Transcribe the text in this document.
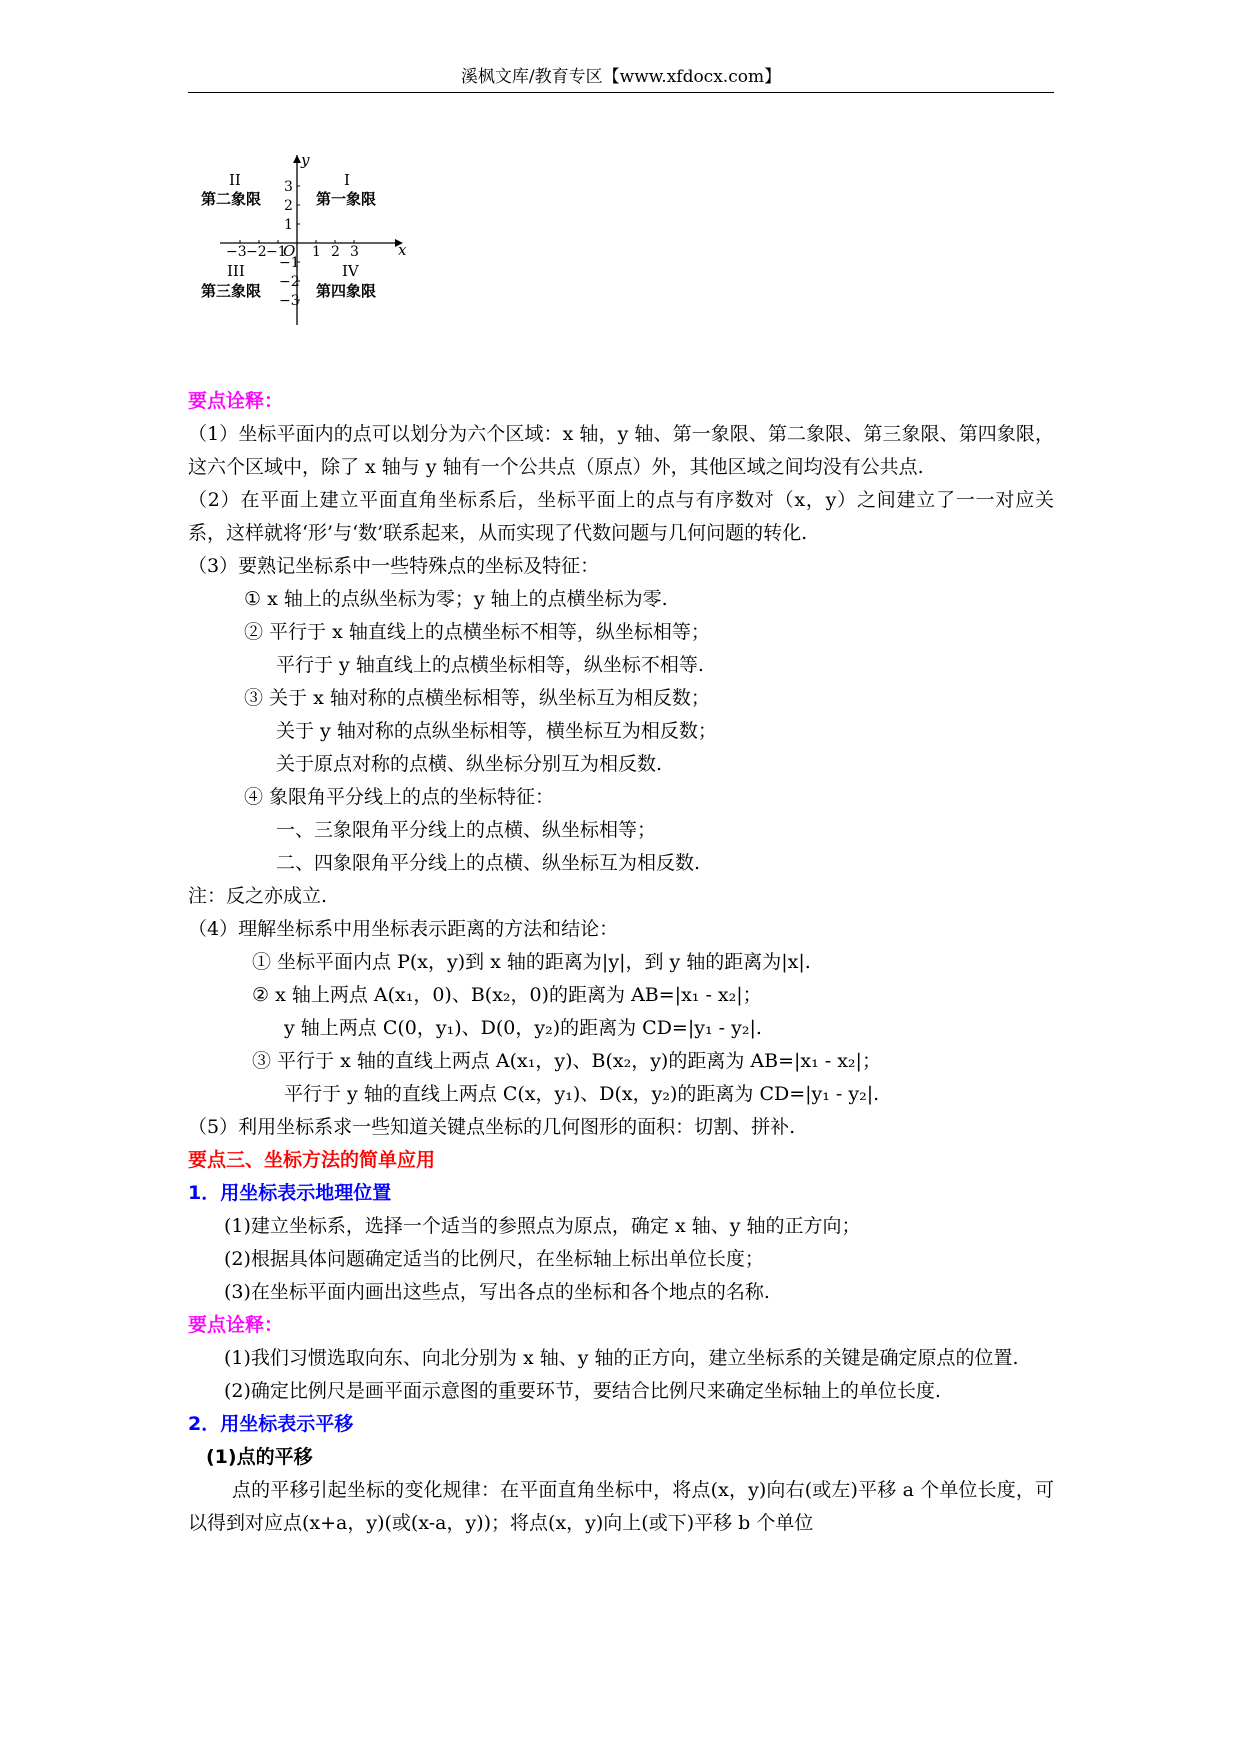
溪枫文库/教育专区【www.xfdocx.com】
y
x
O
−3 −2 −1 1 2 3
3
2
1
−1
−2
−3
I
第一象限
II
第二象限
III
第三象限
IV
第四象限

要点诠释：

（1）坐标平面内的点可以划分为六个区域：x 轴，y 轴、第一象限、第二象限、第三象限、第四象限，这六个区域中，除了 x 轴与 y 轴有一个公共点（原点）外，其他区域之间均没有公共点.

（2）在平面上建立平面直角坐标系后，坐标平面上的点与有序数对（x，y）之间建立了一一对应关系，这样就将‘形’与‘数’联系起来，从而实现了代数问题与几何问题的转化.

（3）要熟记坐标系中一些特殊点的坐标及特征：

① x 轴上的点纵坐标为零；y 轴上的点横坐标为零.

② 平行于 x 轴直线上的点横坐标不相等，纵坐标相等；

平行于 y 轴直线上的点横坐标相等，纵坐标不相等.

③ 关于 x 轴对称的点横坐标相等，纵坐标互为相反数；

关于 y 轴对称的点纵坐标相等，横坐标互为相反数；

关于原点对称的点横、纵坐标分别互为相反数.

④ 象限角平分线上的点的坐标特征：

一、三象限角平分线上的点横、纵坐标相等；

二、四象限角平分线上的点横、纵坐标互为相反数.

注：反之亦成立.

（4）理解坐标系中用坐标表示距离的方法和结论：

① 坐标平面内点 P(x，y)到 x 轴的距离为|y|，到 y 轴的距离为|x|.

② x 轴上两点 A(x₁，0)、B(x₂，0)的距离为 AB=|x₁ - x₂|；

y 轴上两点 C(0，y₁)、D(0，y₂)的距离为 CD=|y₁ - y₂|.

③ 平行于 x 轴的直线上两点 A(x₁，y)、B(x₂，y)的距离为 AB=|x₁ - x₂|；

平行于 y 轴的直线上两点 C(x，y₁)、D(x，y₂)的距离为 CD=|y₁ - y₂|.

（5）利用坐标系求一些知道关键点坐标的几何图形的面积：切割、拼补.

要点三、坐标方法的简单应用

1．用坐标表示地理位置

(1)建立坐标系，选择一个适当的参照点为原点，确定 x 轴、y 轴的正方向；

(2)根据具体问题确定适当的比例尺，在坐标轴上标出单位长度；

(3)在坐标平面内画出这些点，写出各点的坐标和各个地点的名称.

要点诠释：

(1)我们习惯选取向东、向北分别为 x 轴、y 轴的正方向，建立坐标系的关键是确定原点的位置.

(2)确定比例尺是画平面示意图的重要环节，要结合比例尺来确定坐标轴上的单位长度.

2．用坐标表示平移

(1)点的平移

点的平移引起坐标的变化规律：在平面直角坐标中，将点(x，y)向右(或左)平移 a 个单位长度，可以得到对应点(x+a，y)(或(x-a，y))；将点(x，y)向上(或下)平移 b 个单位
